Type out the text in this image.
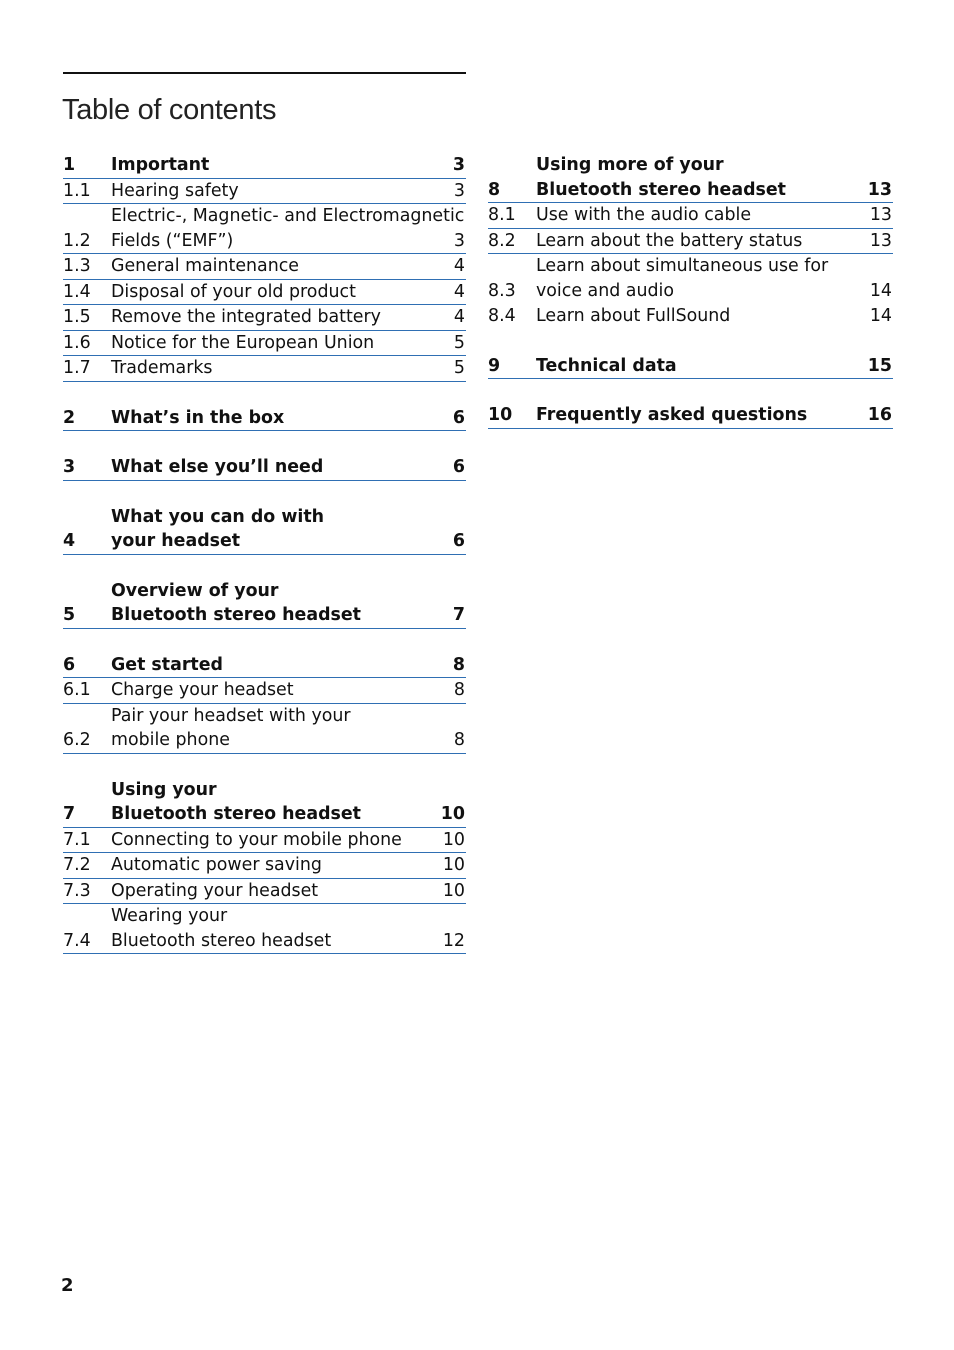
Table of contents
1 Important	3
1.1 Hearing safety	3
1.2
Electric-, Magnetic- and Electromagnetic
Fields (“EMF”)	3
1.3 General maintenance	4
1.4 Disposal of your old product	4
1.5 Remove the integrated battery	4
1.6 Notice for the European Union	5
1.7 Trademarks	5
2 What’s in the box	6
3 What else you’ll need	6
4
What you can do with
your headset	6
5
Overview of your
Bluetooth stereo headset	7
6 Get started	8
6.1 Charge your headset	8
6.2
Pair your headset with your
mobile phone	8
7
Using your
Bluetooth stereo headset	10
7.1 Connecting to your mobile phone	10
7.2 Automatic power saving	10
7.3 Operating your headset	10
7.4
Wearing your
Bluetooth stereo headset	12
8
Using more of your
Bluetooth stereo headset	13
8.1 Use with the audio cable	13
8.2 Learn about the battery status	13
8.3
Learn about simultaneous use for
voice and audio	14
8.4 Learn about FullSound	14
9 Technical data	15
10 Frequently asked questions	16
2
